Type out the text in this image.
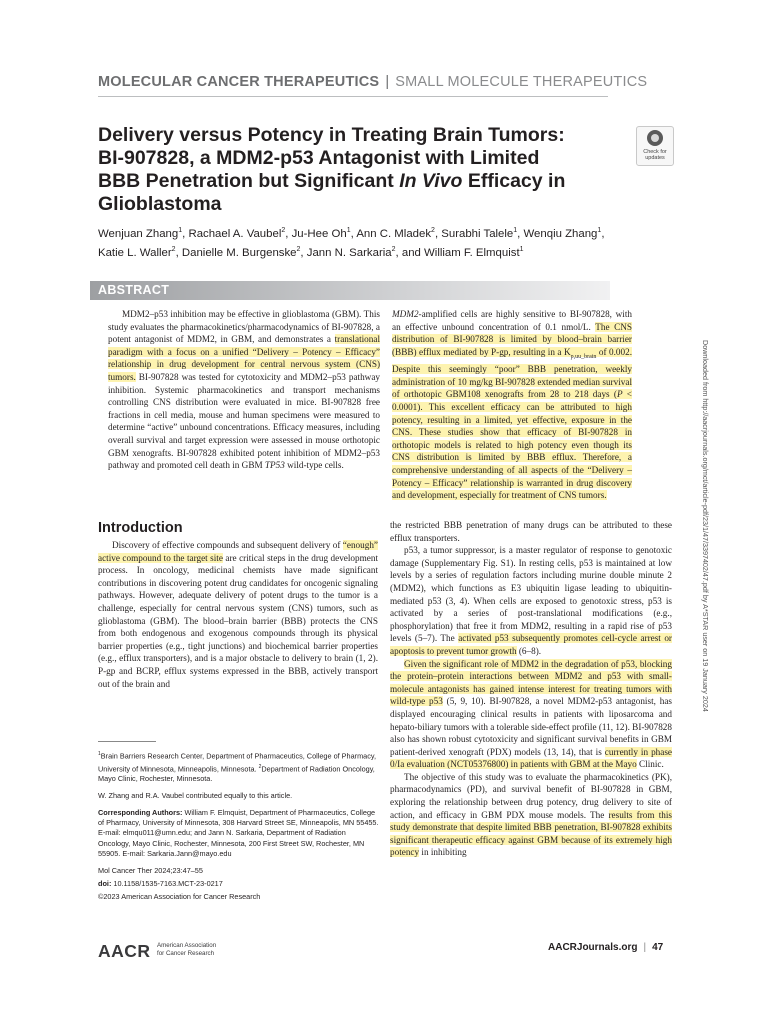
MOLECULAR CANCER THERAPEUTICS | SMALL MOLECULE THERAPEUTICS
Delivery versus Potency in Treating Brain Tumors: BI-907828, a MDM2-p53 Antagonist with Limited BBB Penetration but Significant In Vivo Efficacy in Glioblastoma
Check for updates
Wenjuan Zhang$^1$, Rachael A. Vaubel$^2$, Ju-Hee Oh$^1$, Ann C. Mladek$^2$, Surabhi Talele$^1$, Wenqiu Zhang$^1$, Katie L. Waller$^2$, Danielle M. Burgenske$^2$, Jann N. Sarkaria$^2$, and William F. Elmquist$^1$
ABSTRACT

MDM2–p53 inhibition may be effective in glioblastoma (GBM). This study evaluates the pharmacokinetics/pharmacodynamics of BI-907828, a potent antagonist of MDM2, in GBM, and demonstrates a translational paradigm with a focus on a unified “Delivery – Potency – Efficacy” relationship in drug development for central nervous system (CNS) tumors. BI-907828 was tested for cytotoxicity and MDM2–p53 pathway inhibition. Systemic pharmacokinetics and transport mechanisms controlling CNS distribution were evaluated in mice. BI-907828 free fractions in cell media, mouse and human specimens were measured to determine “active” unbound concentrations. Efficacy measures, including overall survival and target expression were assessed in mouse orthotopic GBM xenografts. BI-907828 exhibited potent inhibition of MDM2–p53 pathway and promoted cell death in GBM TP53 wild-type cells.

MDM2-amplified cells are highly sensitive to BI-907828, with an effective unbound concentration of 0.1 nmol/L. The CNS distribution of BI-907828 is limited by blood–brain barrier (BBB) efflux mediated by P-gp, resulting in a $K_{p,uu\_brain}$ of 0.002. Despite this seemingly “poor” BBB penetration, weekly administration of 10 mg/kg BI-907828 extended median survival of orthotopic GBM108 xenografts from 28 to 218 days (P < 0.0001). This excellent efficacy can be attributed to high potency, resulting in a limited, yet effective, exposure in the CNS. These studies show that efficacy of BI-907828 in orthotopic models is related to high potency even though its CNS distribution is limited by BBB efflux. Therefore, a comprehensive understanding of all aspects of the “Delivery – Potency – Efficacy” relationship is warranted in drug discovery and development, especially for treatment of CNS tumors.	Downloaded from http://aacrjournals.org/mct/article-pdf/23/1/47/3397402/47.pdf by A*STAR user on 19 January 2024
Introduction

Discovery of effective compounds and subsequent delivery of “enough” active compound to the target site are critical steps in the drug development process. In oncology, medicinal chemists have made significant contributions in discovering potent drug candidates for oncogenic signaling pathways. However, adequate delivery of potent drugs to the tumor is a challenge, especially for central nervous system (CNS) tumors, such as glioblastoma (GBM). The blood–brain barrier (BBB) protects the CNS from both endogenous and exogenous compounds through its physical barrier properties (e.g., tight junctions) and biochemical barrier properties (e.g., efflux transporters), and is a major obstacle to delivery to brain (1, 2). P-gp and BCRP, efflux systems expressed in the BBB, actively transport out of the brain and

the restricted BBB penetration of many drugs can be attributed to these efflux transporters.

p53, a tumor suppressor, is a master regulator of response to genotoxic damage (Supplementary Fig. S1). In resting cells, p53 is maintained at low levels by a series of regulation factors including murine double minute 2 (MDM2), which functions as E3 ubiquitin ligase leading to ubiquitin-mediated p53 (3, 4). When cells are exposed to genotoxic stress, p53 is activated by a series of post-translational modifications (e.g., phosphorylation) that free it from MDM2, resulting in a rapid rise of p53 levels (5–7). The activated p53 subsequently promotes cell-cycle arrest or apoptosis to prevent tumor growth (6–8).

Given the significant role of MDM2 in the degradation of p53, blocking the protein–protein interactions between MDM2 and p53 with small-molecule antagonists has gained intense interest for treating tumors with wild-type p53 (5, 9, 10). BI-907828, a novel MDM2-p53 antagonist, has displayed encouraging clinical results in patients with liposarcoma and hepato-biliary tumors with a tolerable side-effect profile (11, 12). BI-907828 also has shown robust cytotoxicity and significant survival benefits in GBM patient-derived xenograft (PDX) models (13, 14), that is currently in phase 0/Ia evaluation (NCT05376800) in patients with GBM at the Mayo Clinic.

The objective of this study was to evaluate the pharmacokinetics (PK), pharmacodynamics (PD), and survival benefit of BI-907828 in GBM, exploring the relationship between drug potency, drug delivery to site of action, and efficacy in GBM PDX mouse models. The results from this study demonstrate that despite limited BBB penetration, BI-907828 exhibits significant therapeutic efficacy against GBM because of its extremely high potency in inhibiting

$^1$Brain Barriers Research Center, Department of Pharmaceutics, College of Pharmacy, University of Minnesota, Minneapolis, Minnesota. $^2$Department of Radiation Oncology, Mayo Clinic, Rochester, Minnesota.

W. Zhang and R.A. Vaubel contributed equally to this article.

Corresponding Authors: William F. Elmquist, Department of Pharmaceutics, College of Pharmacy, University of Minnesota, 308 Harvard Street SE, Minneapolis, MN 55455. E-mail: elmqu011@umn.edu; and Jann N. Sarkaria, Department of Radiation Oncology, Mayo Clinic, Rochester, Minnesota, 200 First Street SW, Rochester, MN 55905. E-mail: Sarkaria.Jann@mayo.edu

Mol Cancer Ther 2024;23:47–55

doi: 10.1158/1535-7163.MCT-23-0217

©2023 American Association for Cancer Research

AACR American Association
for Cancer Research	AACRJournals.org | 47
